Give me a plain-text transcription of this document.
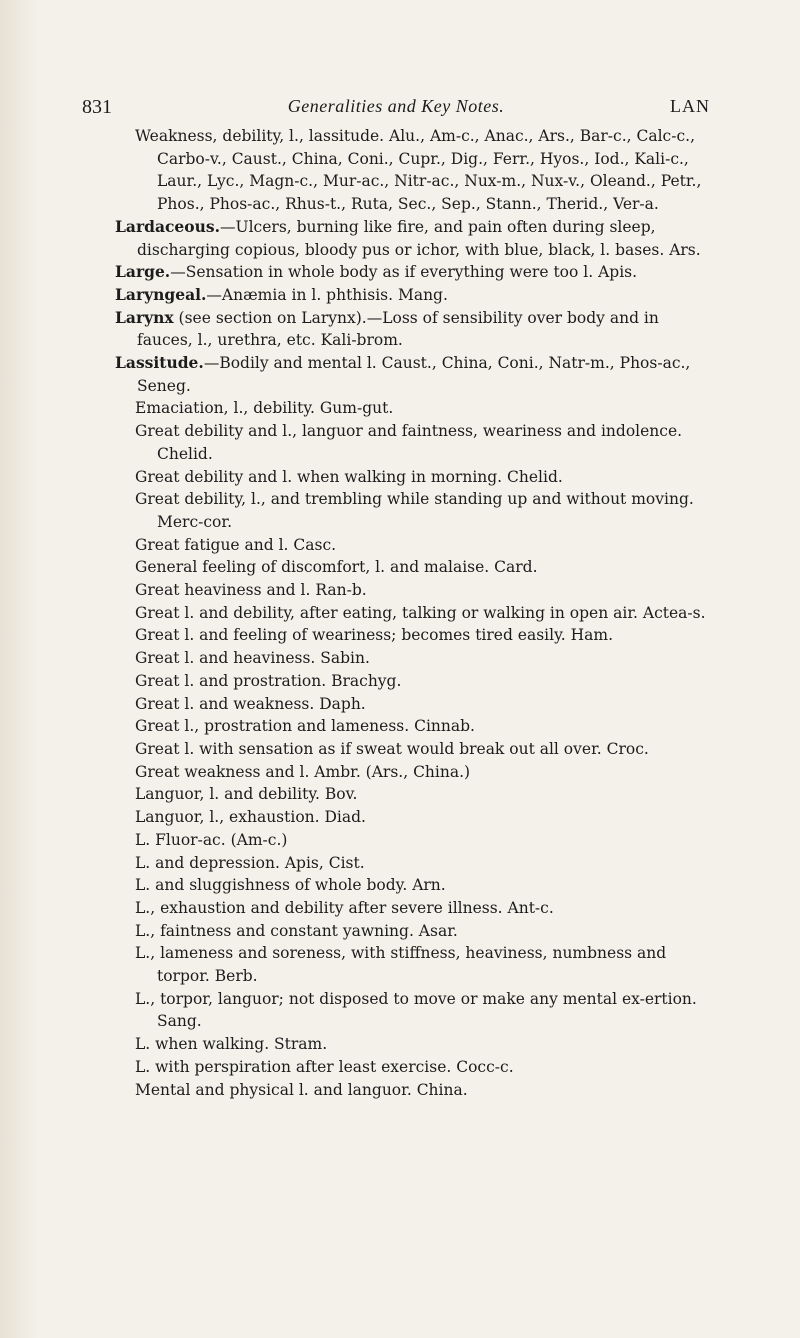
831	Generalities and Key Notes.	LAN
Weakness, debility, l., lassitude. Alu., Am-c., Anac., Ars., Bar-c., Calc-c., Carbo-v., Caust., China, Coni., Cupr., Dig., Ferr., Hyos., Iod., Kali-c., Laur., Lyc., Magn-c., Mur-ac., Nitr-ac., Nux-m., Nux-v., Oleand., Petr., Phos., Phos-ac., Rhus-t., Ruta, Sec., Sep., Stann., Therid., Ver-a.
Lardaceous.—Ulcers, burning like fire, and pain often during sleep, discharging copious, bloody pus or ichor, with blue, black, l. bases. Ars.
Large.—Sensation in whole body as if everything were too l. Apis.
Laryngeal.—Anæmia in l. phthisis. Mang.
Larynx (see section on Larynx).—Loss of sensibility over body and in fauces, l., urethra, etc. Kali-brom.
Lassitude.—Bodily and mental l. Caust., China, Coni., Natr-m., Phos-ac., Seneg.
Emaciation, l., debility. Gum-gut.
Great debility and l., languor and faintness, weariness and indolence. Chelid.
Great debility and l. when walking in morning. Chelid.
Great debility, l., and trembling while standing up and without moving. Merc-cor.
Great fatigue and l. Casc.
General feeling of discomfort, l. and malaise. Card.
Great heaviness and l. Ran-b.
Great l. and debility, after eating, talking or walking in open air. Actea-s.
Great l. and feeling of weariness; becomes tired easily. Ham.
Great l. and heaviness. Sabin.
Great l. and prostration. Brachyg.
Great l. and weakness. Daph.
Great l., prostration and lameness. Cinnab.
Great l. with sensation as if sweat would break out all over. Croc.
Great weakness and l. Ambr. (Ars., China.)
Languor, l. and debility. Bov.
Languor, l., exhaustion. Diad.
L. Fluor-ac. (Am-c.)
L. and depression. Apis, Cist.
L. and sluggishness of whole body. Arn.
L., exhaustion and debility after severe illness. Ant-c.
L., faintness and constant yawning. Asar.
L., lameness and soreness, with stiffness, heaviness, numbness and torpor. Berb.
L., torpor, languor; not disposed to move or make any mental ex-ertion. Sang.
L. when walking. Stram.
L. with perspiration after least exercise. Cocc-c.
Mental and physical l. and languor. China.
